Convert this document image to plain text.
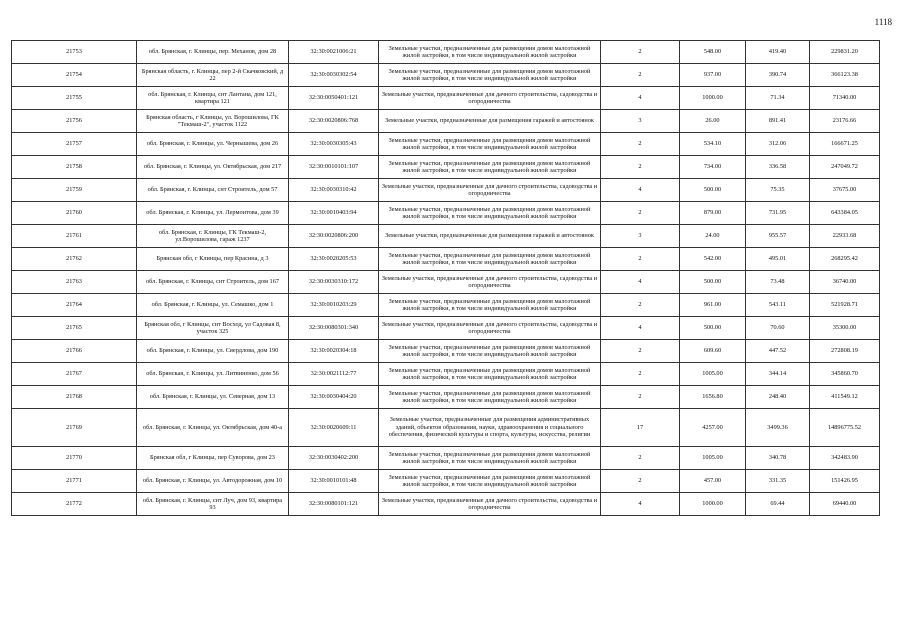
1118
21753	обл. Брянская, г. Клинцы, пер. Механов, дом 28	32:30:0021006:21	Земельные участки, предназначенные для размещения домов малоэтажной жилой застройки, в том числе индивидуальной жилой застройки	2	548.00	419.40	229831.20
21754	Брянская область, г. Клинцы, пер 2-й Скачковский, д 22	32:30:0030302:54	Земельные участки, предназначенные для размещения домов малоэтажной жилой застройки, в том числе индивидуальной жилой застройки	2	937.00	390.74	366123.38
21755	обл. Брянская, г. Клинцы, снт Лантана, дом 121, квартира 121	32:30:0050401:121	Земельные участки, предназначенные для дачного строительства, садоводства и огородничества	4	1000.00	71.34	71340.00
21756	Брянская область, г Клинцы, ул. Ворошилова, ГК "Текмаш-2", участок 1122	32:30:0020806:768	Земельные участки, предназначенные для размещения гаражей и автостоянок	3	26.00	891.41	23176.66
21757	обл. Брянская, г. Клинцы, ул. Чернышева, дом 26	32:30:0030305:43	Земельные участки, предназначенные для размещения домов малоэтажной жилой застройки, в том числе индивидуальной жилой застройки	2	534.10	312.06	166671.25
21758	обл. Брянская, г. Клинцы, ул. Октябрьская, дом 217	32:30:0010101:107	Земельные участки, предназначенные для размещения домов малоэтажной жилой застройки, в том числе индивидуальной жилой застройки	2	734.00	336.58	247049.72
21759	обл. Брянская, г. Клинцы, снт Строитель, дом 57	32:30:0030310:42	Земельные участки, предназначенные для дачного строительства, садоводства и огородничества	4	500.00	75.35	37675.00
21760	обл. Брянская, г. Клинцы, ул. Лермонтова, дом 39	32:30:0010403:94	Земельные участки, предназначенные для размещения домов малоэтажной жилой застройки, в том числе индивидуальной жилой застройки	2	879.00	731.95	643384.05
21761	обл. Брянская, г. Клинцы, ГК Текмаш-2, ул.Ворошилова, гараж 1237	32:30:0020806:200	Земельные участки, предназначенные для размещения гаражей и автостоянок	3	24.00	955.57	22933.68
21762	Брянская обл, г Клинцы, пер Красина, д 3	32:30:0020205:53	Земельные участки, предназначенные для размещения домов малоэтажной жилой застройки, в том числе индивидуальной жилой застройки	2	542.00	495.01	268295.42
21763	обл. Брянская, г. Клинцы, снт Строитель, дом 167	32:30:0030310:172	Земельные участки, предназначенные для дачного строительства, садоводства и огородничества	4	500.00	73.48	36740.00
21764	обл. Брянская, г. Клинцы, ул. Семашко, дом 1	32:30:0010203:29	Земельные участки, предназначенные для размещения домов малоэтажной жилой застройки, в том числе индивидуальной жилой застройки	2	961.00	543.11	521928.71
21765	Брянская обл, г Клинцы, снт Восход, ул Садовая 8, участок 325	32:30:0080301:340	Земельные участки, предназначенные для дачного строительства, садоводства и огородничества	4	500.00	70.60	35300.00
21766	обл. Брянская, г. Клинцы, ул. Свердлова, дом 190	32:30:0020304:18	Земельные участки, предназначенные для размещения домов малоэтажной жилой застройки, в том числе индивидуальной жилой застройки	2	609.60	447.52	272808.19
21767	обл. Брянская, г. Клинцы, ул. Литвиненко, дом 56	32:30:0021112:77	Земельные участки, предназначенные для размещения домов малоэтажной жилой застройки, в том числе индивидуальной жилой застройки	2	1005.00	344.14	345860.70
21768	обл. Брянская, г. Клинцы, ул. Северная, дом 13	32:30:0030404:20	Земельные участки, предназначенные для размещения домов малоэтажной жилой застройки, в том числе индивидуальной жилой застройки	2	1656.80	248.40	411549.12
21769	обл. Брянская, г. Клинцы, ул. Октябрьская, дом 40-а	32:30:0020609:11	Земельные участки, предназначенные для размещения административных зданий, объектов образования, науки, здравоохранения и социального обеспечения, физической культуры и спорта, культуры, искусства, религии	17	4257.00	3499.36	14896775.52
21770	Брянская обл, г Клинцы, пер Суворова, дом 23	32:30:0030402:200	Земельные участки, предназначенные для размещения домов малоэтажной жилой застройки, в том числе индивидуальной жилой застройки	2	1005.00	340.78	342483.90
21771	обл. Брянская, г. Клинцы, ул. Автодорожная, дом 10	32:30:0010101:48	Земельные участки, предназначенные для размещения домов малоэтажной жилой застройки, в том числе индивидуальной жилой застройки	2	457.00	331.35	151426.95
21772	обл. Брянская, г. Клинцы, снт Луч, дом 93, квартира 93	32:30:0080101:121	Земельные участки, предназначенные для дачного строительства, садоводства и огородничества	4	1000.00	69.44	69440.00
